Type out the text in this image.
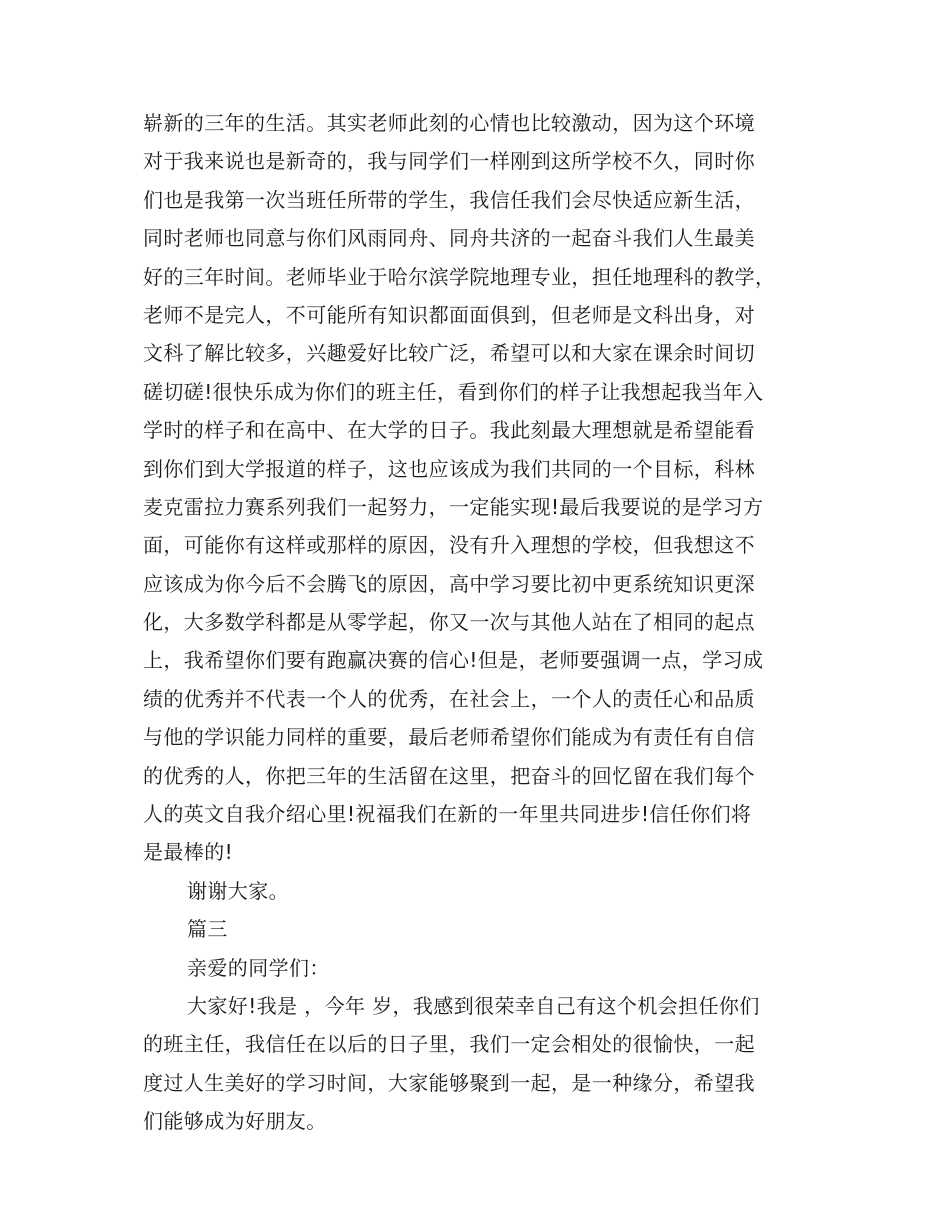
崭新的三年的生活。其实老师此刻的心情也比较激动，因为这个环境
对于我来说也是新奇的，我与同学们一样刚到这所学校不久，同时你
们也是我第一次当班任所带的学生，我信任我们会尽快适应新生活，
同时老师也同意与你们风雨同舟、同舟共济的一起奋斗我们人生最美
好的三年时间。老师毕业于哈尔滨学院地理专业，担任地理科的教学，
老师不是完人，不可能所有知识都面面俱到，但老师是文科出身，对
文科了解比较多，兴趣爱好比较广泛，希望可以和大家在课余时间切
磋切磋!很快乐成为你们的班主任，看到你们的样子让我想起我当年入
学时的样子和在高中、在大学的日子。我此刻最大理想就是希望能看
到你们到大学报道的样子，这也应该成为我们共同的一个目标，科林
麦克雷拉力赛系列我们一起努力，一定能实现!最后我要说的是学习方
面，可能你有这样或那样的原因，没有升入理想的学校，但我想这不
应该成为你今后不会腾飞的原因，高中学习要比初中更系统知识更深
化，大多数学科都是从零学起，你又一次与其他人站在了相同的起点
上，我希望你们要有跑赢决赛的信心!但是，老师要强调一点，学习成
绩的优秀并不代表一个人的优秀，在社会上，一个人的责任心和品质
与他的学识能力同样的重要，最后老师希望你们能成为有责任有自信
的优秀的人，你把三年的生活留在这里，把奋斗的回忆留在我们每个
人的英文自我介绍心里!祝福我们在新的一年里共同进步!信任你们将
是最棒的!
谢谢大家。
篇三
亲爱的同学们：
大家好!我是 ，今年 岁，我感到很荣幸自己有这个机会担任你们
的班主任，我信任在以后的日子里，我们一定会相处的很愉快，一起
度过人生美好的学习时间，大家能够聚到一起，是一种缘分，希望我
们能够成为好朋友。
